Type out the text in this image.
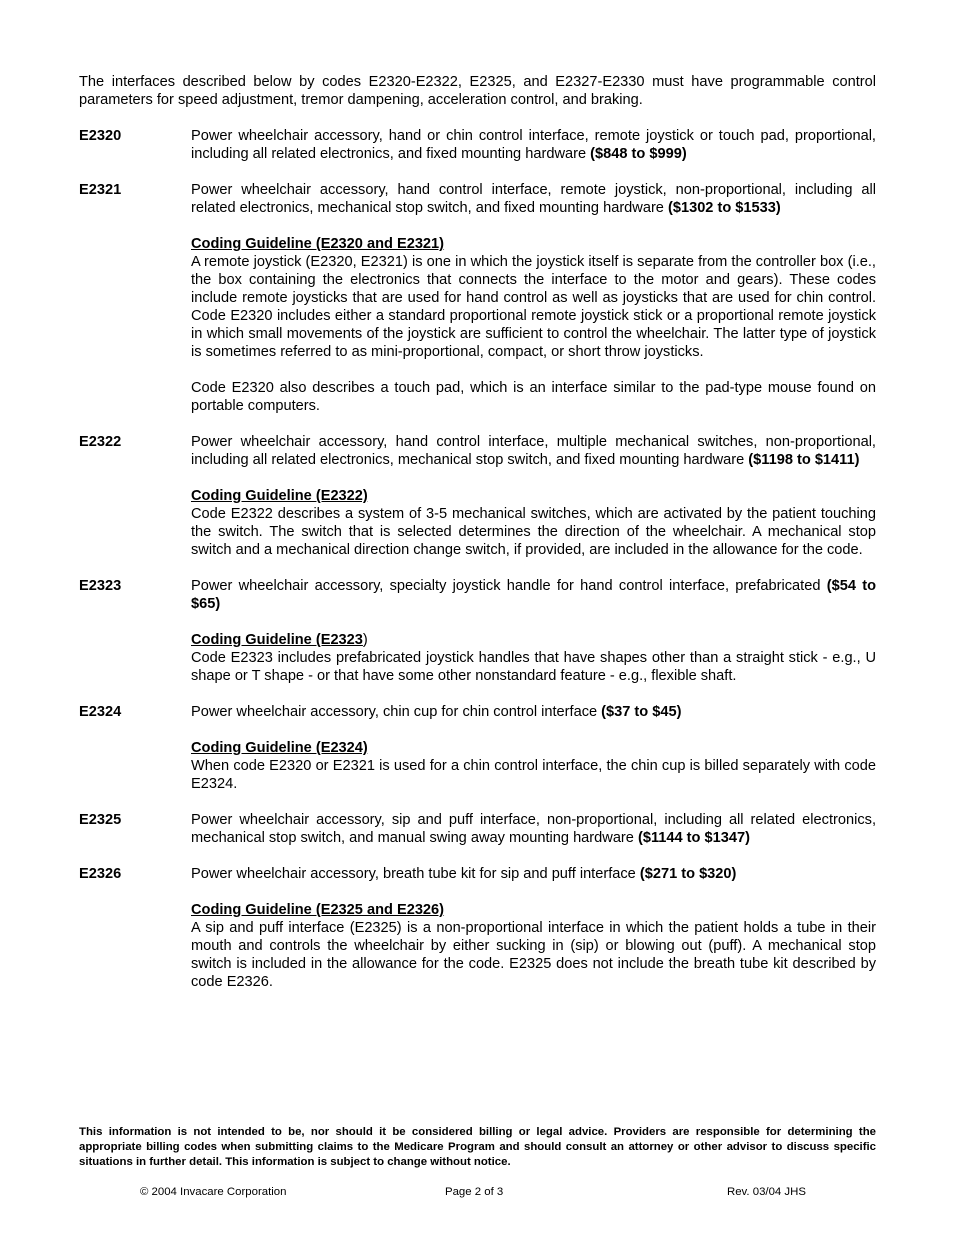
The interfaces described below by codes E2320-E2322, E2325, and E2327-E2330 must have programmable control parameters for speed adjustment, tremor dampening, acceleration control, and braking.

E2320	Power wheelchair accessory, hand or chin control interface, remote joystick or touch pad, proportional, including all related electronics, and fixed mounting hardware ($848 to $999)
E2321	Power wheelchair accessory, hand control interface, remote joystick, non-proportional, including all related electronics, mechanical stop switch, and fixed mounting hardware ($1302 to $1533)
Coding Guideline (E2320 and E2321)

A remote joystick (E2320, E2321) is one in which the joystick itself is separate from the controller box (i.e., the box containing the electronics that connects the interface to the motor and gears). These codes include remote joysticks that are used for hand control as well as joysticks that are used for chin control. Code E2320 includes either a standard proportional remote joystick stick or a proportional remote joystick in which small movements of the joystick are sufficient to control the wheelchair. The latter type of joystick is sometimes referred to as mini-proportional, compact, or short throw joysticks.

Code E2320 also describes a touch pad, which is an interface similar to the pad-type mouse found on portable computers.

E2322	Power wheelchair accessory, hand control interface, multiple mechanical switches, non-proportional, including all related electronics, mechanical stop switch, and fixed mounting hardware ($1198 to $1411)
Coding Guideline (E2322)

Code E2322 describes a system of 3-5 mechanical switches, which are activated by the patient touching the switch. The switch that is selected determines the direction of the wheelchair. A mechanical stop switch and a mechanical direction change switch, if provided, are included in the allowance for the code.

E2323	Power wheelchair accessory, specialty joystick handle for hand control interface, prefabricated ($54 to $65)
Coding Guideline (E2323)

Code E2323 includes prefabricated joystick handles that have shapes other than a straight stick - e.g., U shape or T shape - or that have some other nonstandard feature - e.g., flexible shaft.

E2324	Power wheelchair accessory, chin cup for chin control interface ($37 to $45)
Coding Guideline (E2324)

When code E2320 or E2321 is used for a chin control interface, the chin cup is billed separately with code E2324.

E2325	Power wheelchair accessory, sip and puff interface, non-proportional, including all related electronics, mechanical stop switch, and manual swing away mounting hardware ($1144 to $1347)
E2326	Power wheelchair accessory, breath tube kit for sip and puff interface ($271 to $320)
Coding Guideline (E2325 and E2326)

A sip and puff interface (E2325) is a non-proportional interface in which the patient holds a tube in their mouth and controls the wheelchair by either sucking in (sip) or blowing out (puff). A mechanical stop switch is included in the allowance for the code. E2325 does not include the breath tube kit described by code E2326.

This information is not intended to be, nor should it be considered billing or legal advice. Providers are responsible for determining the appropriate billing codes when submitting claims to the Medicare Program and should consult an attorney or other advisor to discuss specific situations in further detail. This information is subject to change without notice.
© 2004 Invacare Corporation	Page 2 of 3	Rev. 03/04 JHS
